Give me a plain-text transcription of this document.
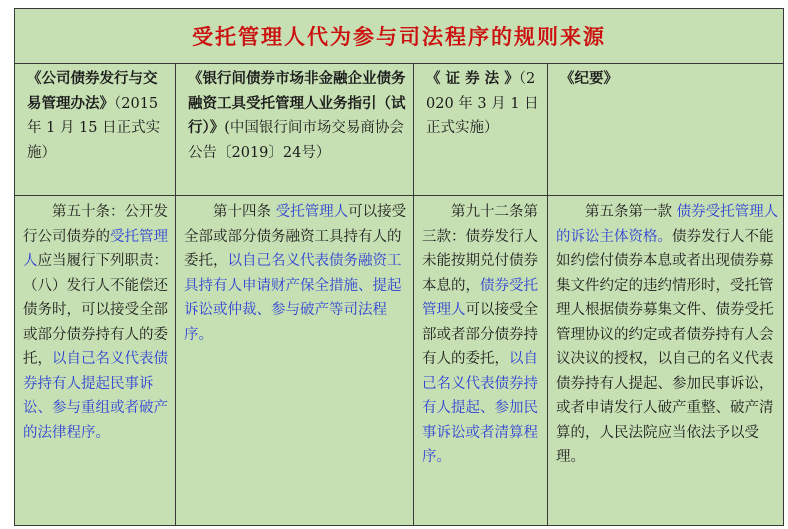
受托管理人代为参与司法程序的规则来源
《公司债券发行与交易管理办法》（2015 年 1 月 15 日正式实施）
《银行间债券市场非金融企业债务融资工具受托管理人业务指引（试行）》(中国银行间市场交易商协会公告〔2019〕24号）
《 证 券 法 》（2020 年 3 月 1 日正式实施）
《纪要》
第五十条：公开发行公司债券的受托管理人应当履行下列职责：（八）发行人不能偿还债务时，可以接受全部或部分债券持有人的委托，以自己名义代表债券持有人提起民事诉讼、参与重组或者破产的法律程序。
第十四条 受托管理人可以接受全部或部分债务融资工具持有人的委托，以自己名义代表债务融资工具持有人申请财产保全措施、提起诉讼或仲裁、参与破产等司法程序。
第九十二条第三款：债券发行人未能按期兑付债券本息的，债券受托管理人可以接受全部或者部分债券持有人的委托，以自己名义代表债券持有人提起、参加民事诉讼或者清算程序。
第五条第一款 债券受托管理人的诉讼主体资格。债券发行人不能如约偿付债券本息或者出现债券募集文件约定的违约情形时，受托管理人根据债券募集文件、债券受托管理协议的约定或者债券持有人会议决议的授权，以自己的名义代表债券持有人提起、参加民事诉讼，或者申请发行人破产重整、破产清算的，人民法院应当依法予以受理。
